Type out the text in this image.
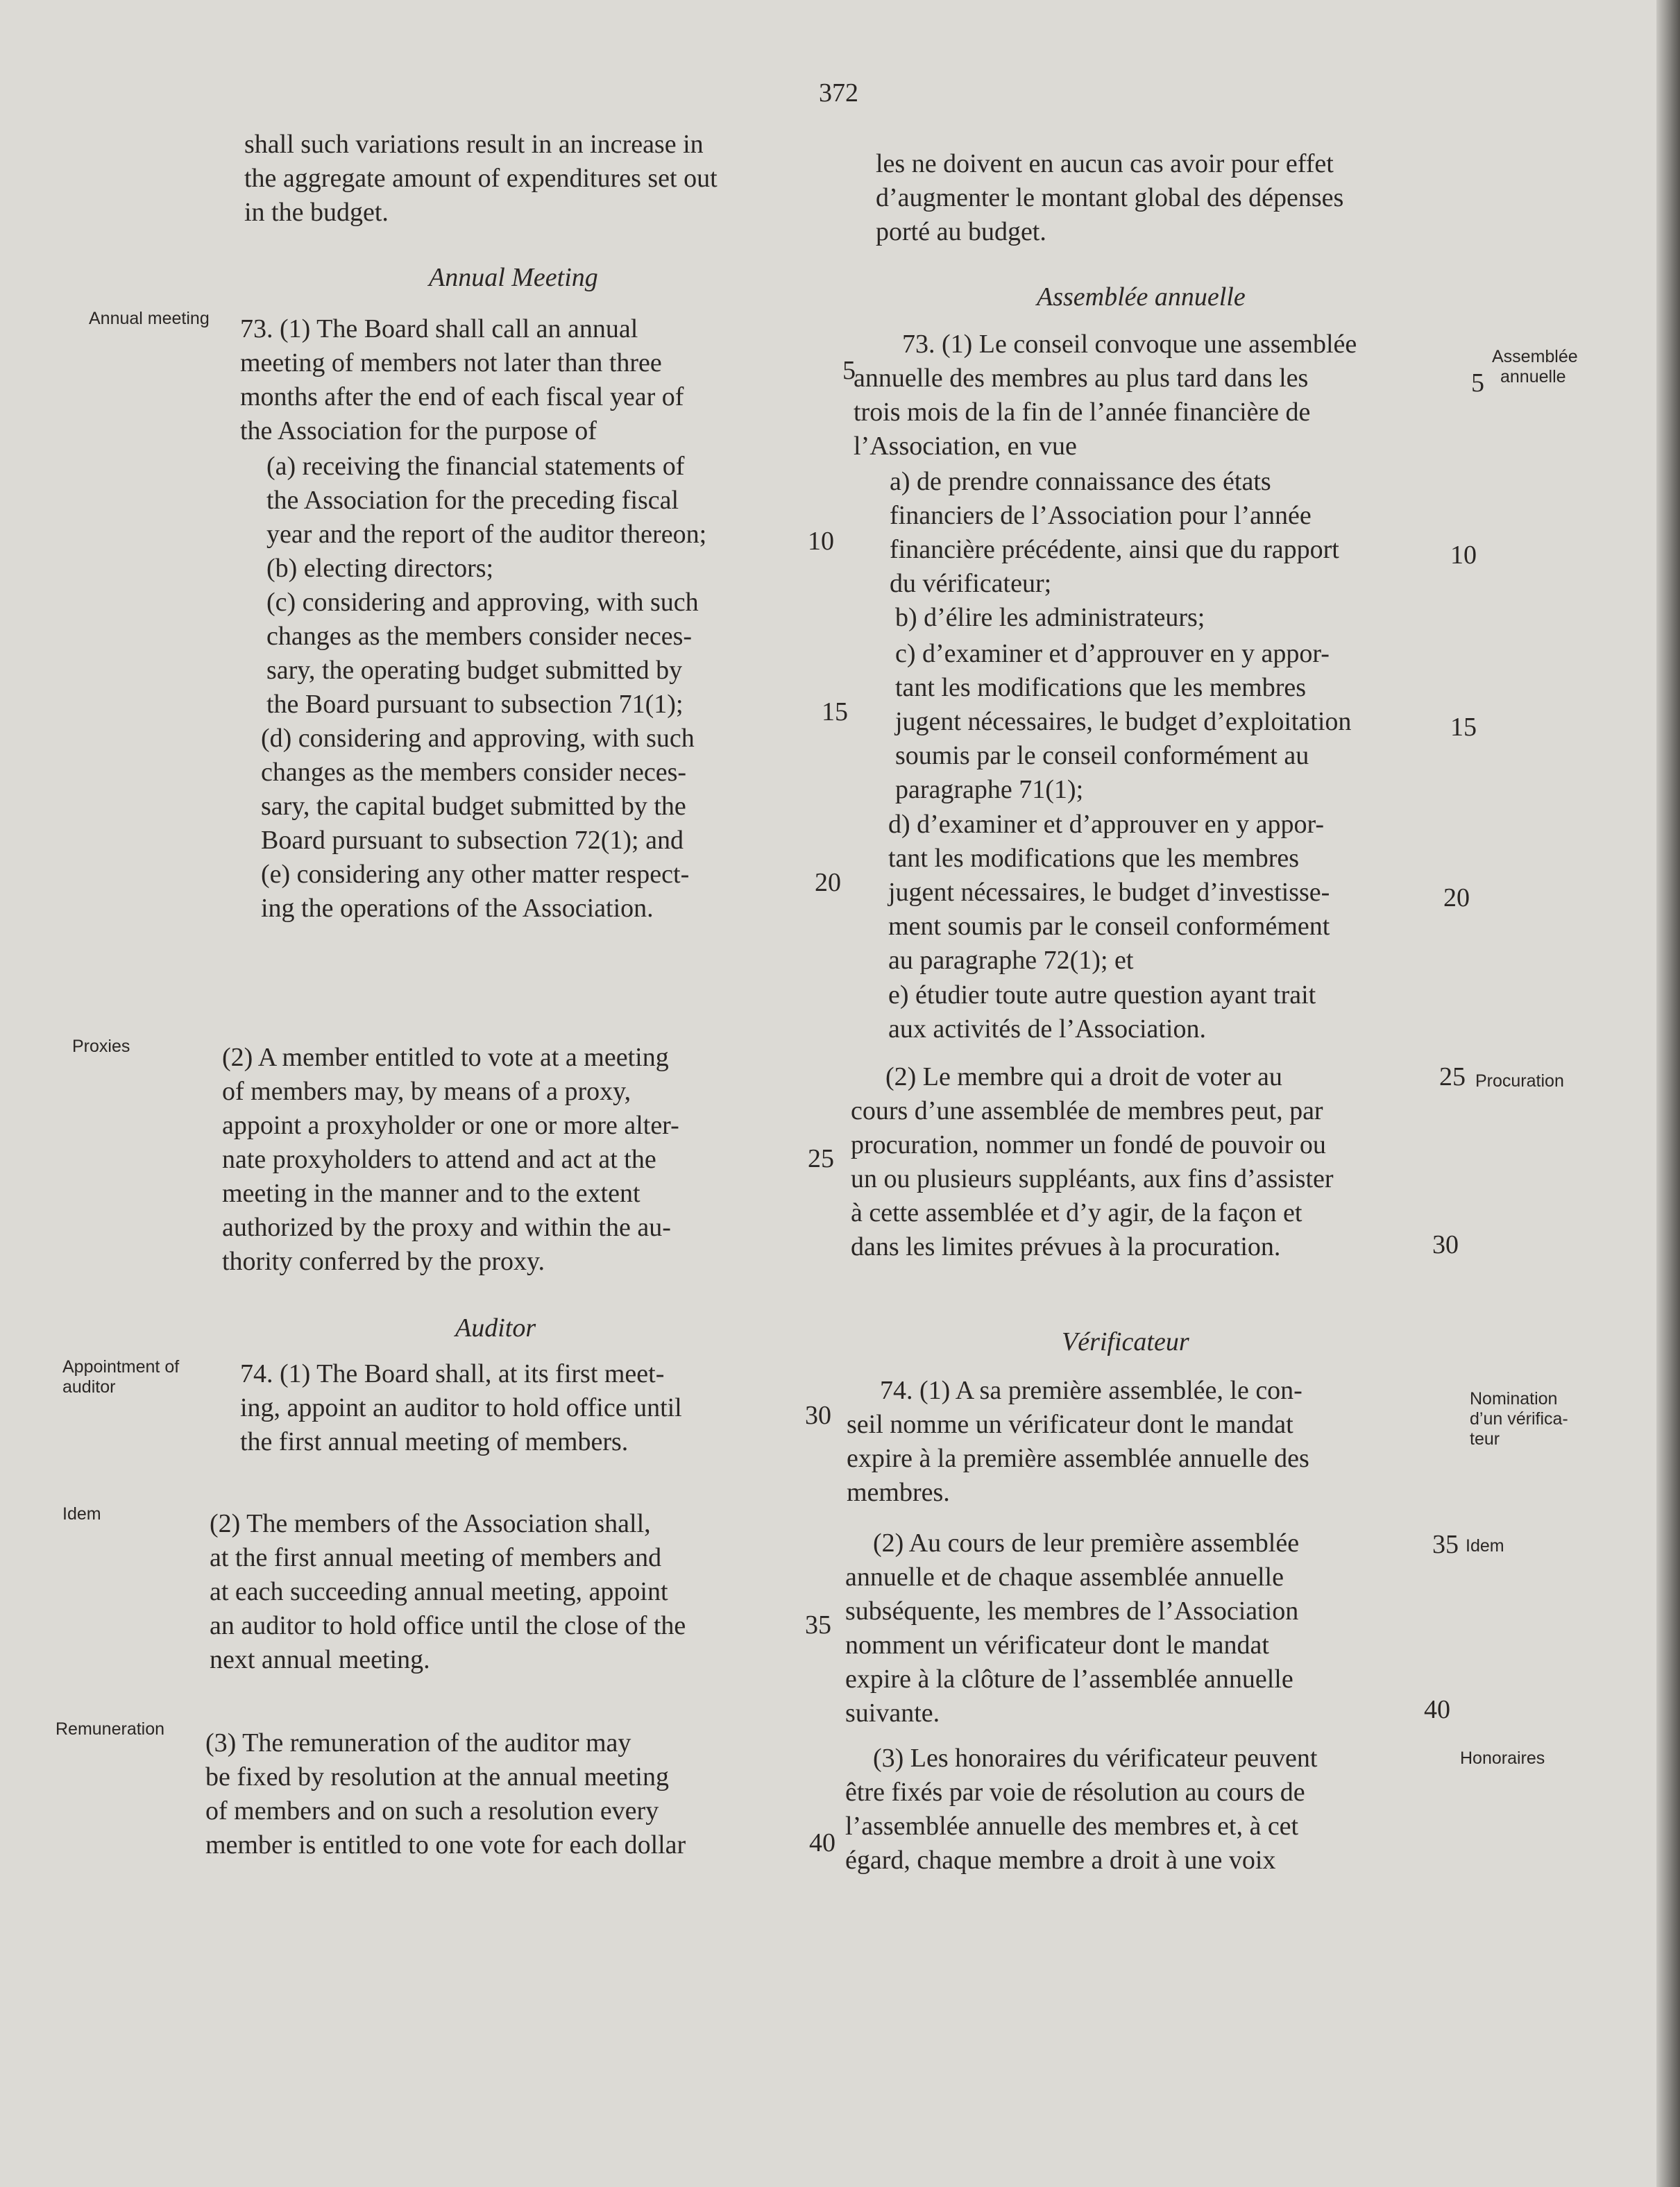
372
shall such variations result in an increase in
the aggregate amount of expenditures set out
in the budget.
Annual Meeting
Annual meeting 73. (1) The Board shall call an annual
meeting of members not later than three
months after the end of each fiscal year of
the Association for the purpose of
(a) receiving the financial statements of
the Association for the preceding fiscal
year and the report of the auditor thereon;
(b) electing directors;
(c) considering and approving, with such
changes as the members consider neces-
sary, the operating budget submitted by
the Board pursuant to subsection 71(1);
(d) considering and approving, with such
changes as the members consider neces-
sary, the capital budget submitted by the
Board pursuant to subsection 72(1); and
(e) considering any other matter respect-
ing the operations of the Association.
Proxies	(2) A member entitled to vote at a meeting
of members may, by means of a proxy,
appoint a proxyholder or one or more alter-
nate proxyholders to attend and act at the
meeting in the manner and to the extent
authorized by the proxy and within the au-
thority conferred by the proxy.
Auditor
Appointment of
auditor	74. (1) The Board shall, at its first meet-
ing, appoint an auditor to hold office until
the first annual meeting of members.
Idem	(2) The members of the Association shall,
at the first annual meeting of members and
at each succeeding annual meeting, appoint
an auditor to hold office until the close of the
next annual meeting.
Remuneration (3) The remuneration of the auditor may
be fixed by resolution at the annual meeting
of members and on such a resolution every
member is entitled to one vote for each dollar
5
10
15
20
25
30
35
40
les ne doivent en aucun cas avoir pour effet
d’augmenter le montant global des dépenses
porté au budget.
Assemblée annuelle
Assemblée
annuelle
73. (1) Le conseil convoque une assemblée
annuelle des membres au plus tard dans les
trois mois de la fin de l’année financière de
l’Association, en vue
a) de prendre connaissance des états
financiers de l’Association pour l’année
financière précédente, ainsi que du rapport
du vérificateur;
b) d’élire les administrateurs;
c) d’examiner et d’approuver en y appor-
tant les modifications que les membres
jugent nécessaires, le budget d’exploitation
soumis par le conseil conformément au
paragraphe 71(1);
d) d’examiner et d’approuver en y appor-
tant les modifications que les membres
jugent nécessaires, le budget d’investisse-
ment soumis par le conseil conformément
au paragraphe 72(1); et
e) étudier toute autre question ayant trait
aux activités de l’Association.
Procuration
(2) Le membre qui a droit de voter au
cours d’une assemblée de membres peut, par
procuration, nommer un fondé de pouvoir ou
un ou plusieurs suppléants, aux fins d’assister
à cette assemblée et d’y agir, de la façon et
dans les limites prévues à la procuration.
Vérificateur
Nomination
d’un vérifica-
teur
74. (1) A sa première assemblée, le con-
seil nomme un vérificateur dont le mandat
expire à la première assemblée annuelle des
membres.
Idem
(2) Au cours de leur première assemblée
annuelle et de chaque assemblée annuelle
subséquente, les membres de l’Association
nomment un vérificateur dont le mandat
expire à la clôture de l’assemblée annuelle
suivante.
Honoraires
(3) Les honoraires du vérificateur peuvent
être fixés par voie de résolution au cours de
l’assemblée annuelle des membres et, à cet
égard, chaque membre a droit à une voix
5
10
15
20
25
30
35
40
